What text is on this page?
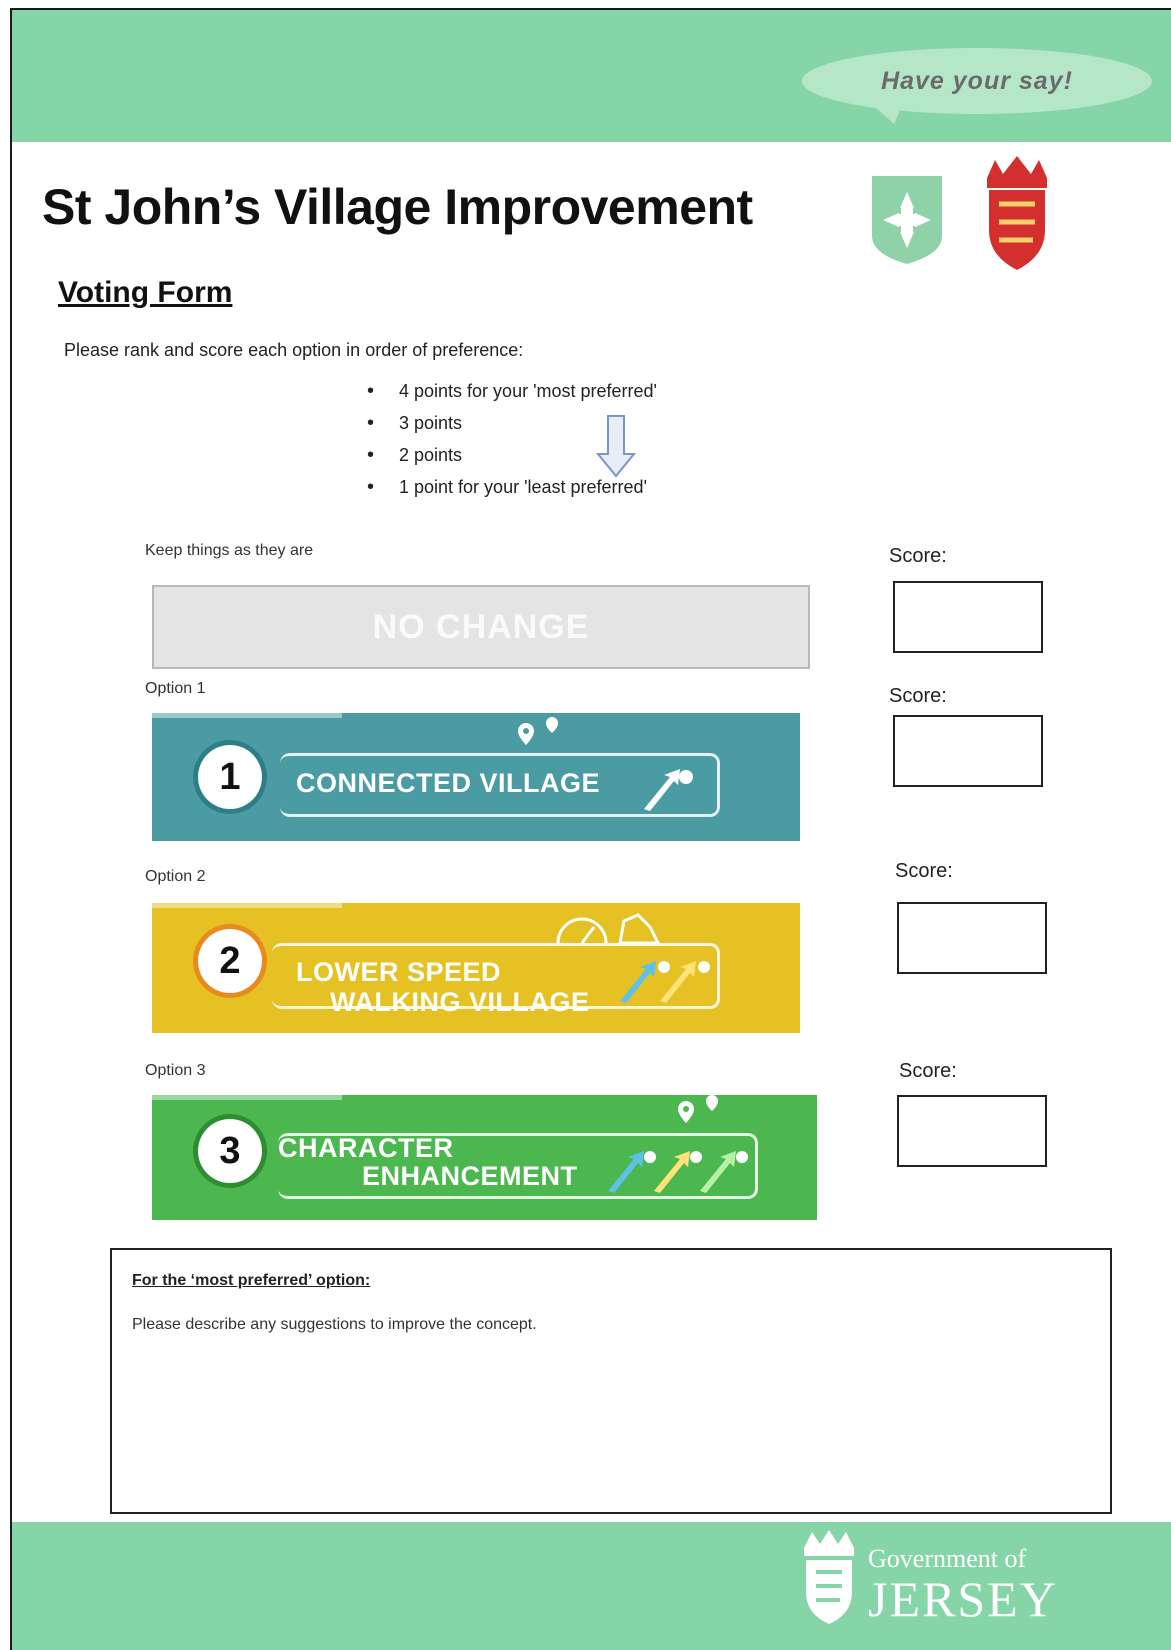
Have your say!
St John’s Village Improvement
Voting Form
Please rank and score each option in order of preference:
• 4 points for your 'most preferred'
• 3 points
• 2 points
• 1 point for your 'least preferred'
Keep things as they are	Score:
NO CHANGE
Option 1	Score:
1	CONNECTED VILLAGE
Option 2	Score:
2	LOWER SPEED
WALKING VILLAGE
Option 3	Score:
3	CHARACTER
ENHANCEMENT
For the ‘most preferred’ option:
Please describe any suggestions to improve the concept.
Government of
JERSEY
